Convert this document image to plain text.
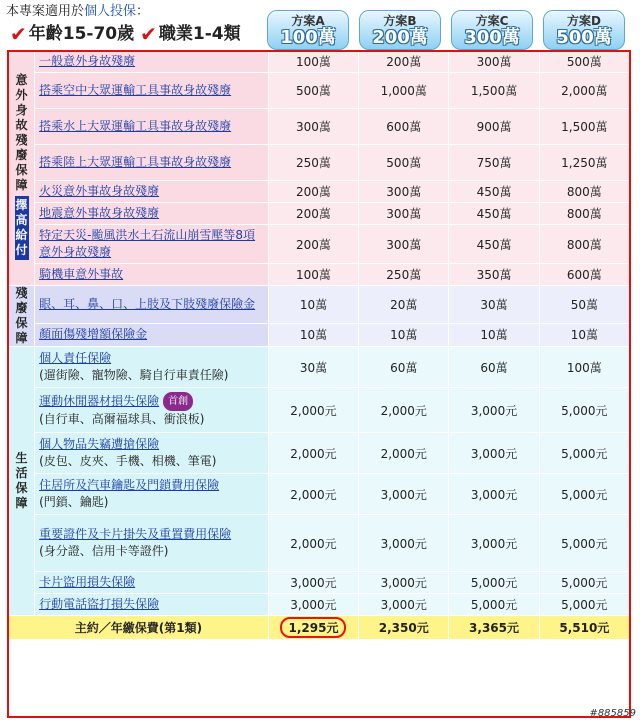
本專案適用於個人投保：
✔ 年齡15-70歲 ✔ 職業1-4類
方案A
100萬
方案B
200萬
方案C
300萬
方案D
500萬
意外身故殘廢保障
擇高給付	一般意外身故殘廢	100萬	200萬	300萬	500萬
	搭乘空中大眾運輸工具事故身故殘廢	500萬	1,000萬	1,500萬	2,000萬
	搭乘水上大眾運輸工具事故身故殘廢	300萬	600萬	900萬	1,500萬
	搭乘陸上大眾運輸工具事故身故殘廢	250萬	500萬	750萬	1,250萬
	火災意外事故身故殘廢	200萬	300萬	450萬	800萬
	地震意外事故身故殘廢	200萬	300萬	450萬	800萬
	特定天災-颱風洪水土石流山崩雪壓等8項意外身故殘廢	200萬	300萬	450萬	800萬
	騎機車意外事故	100萬	250萬	350萬	600萬
殘廢保障	眼、耳、鼻、口、上肢及下肢殘廢保險金	10萬	20萬	30萬	50萬
	顏面傷殘增額保險金	10萬	10萬	10萬	10萬
生活保障	個人責任保險
(遛街險、寵物險、騎自行車責任險)	30萬	60萬	60萬	100萬
	運動休閒器材損失保險 首創
(自行車、高爾福球具、衝浪板)	2,000元	2,000元	3,000元	5,000元
	個人物品失竊遭搶保險
(皮包、皮夾、手機、相機、筆電)	2,000元	2,000元	3,000元	5,000元
	住居所及汽車鑰匙及門鎖費用保險
(門鎖、鑰匙)	2,000元	3,000元	3,000元	5,000元
	重要證件及卡片掛失及重置費用保險
(身分證、信用卡等證件)	2,000元	3,000元	3,000元	5,000元
	卡片盜用損失保險	3,000元	3,000元	5,000元	5,000元
	行動電話盜打損失保險	3,000元	3,000元	5,000元	5,000元
主約／年繳保費(第1類)		1,295元	2,350元	3,365元	5,510元
#885859
